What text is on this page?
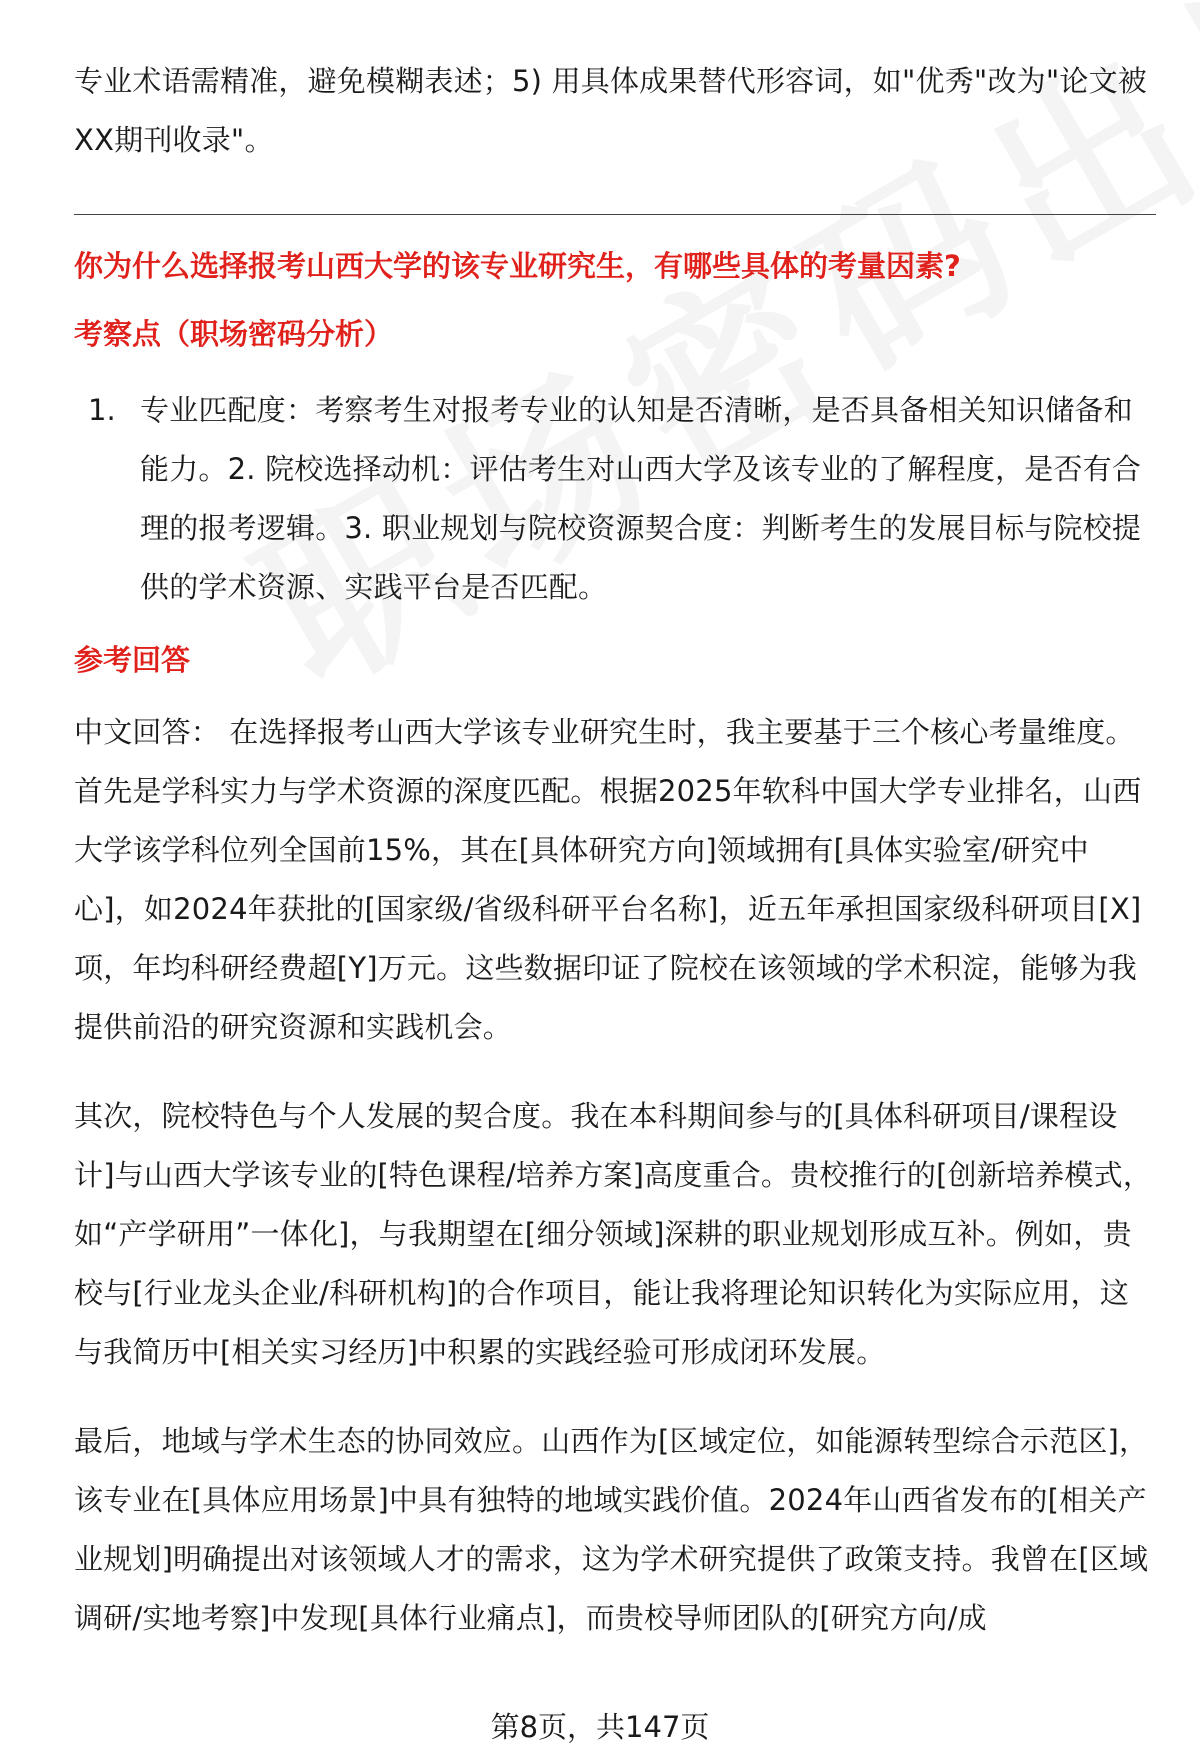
专业术语需精准，避免模糊表述；5) 用具体成果替代形容词，如"优秀"改为"论文被XX期刊收录"。

你为什么选择报考山西大学的该专业研究生，有哪些具体的考量因素?

考察点（职场密码分析）

1. 专业匹配度：考察考生对报考专业的认知是否清晰，是否具备相关知识储备和能力。2. 院校选择动机：评估考生对山西大学及该专业的了解程度，是否有合理的报考逻辑。3. 职业规划与院校资源契合度：判断考生的发展目标与院校提供的学术资源、实践平台是否匹配。

参考回答

中文回答： 在选择报考山西大学该专业研究生时，我主要基于三个核心考量维度。首先是学科实力与学术资源的深度匹配。根据2025年软科中国大学专业排名，山西大学该学科位列全国前15%，其在[具体研究方向]领域拥有[具体实验室/研究中心]，如2024年获批的[国家级/省级科研平台名称]，近五年承担国家级科研项目[X]项，年均科研经费超[Y]万元。这些数据印证了院校在该领域的学术积淀，能够为我提供前沿的研究资源和实践机会。

其次，院校特色与个人发展的契合度。我在本科期间参与的[具体科研项目/课程设计]与山西大学该专业的[特色课程/培养方案]高度重合。贵校推行的[创新培养模式，如“产学研用”一体化]，与我期望在[细分领域]深耕的职业规划形成互补。例如，贵校与[行业龙头企业/科研机构]的合作项目，能让我将理论知识转化为实际应用，这与我简历中[相关实习经历]中积累的实践经验可形成闭环发展。

最后，地域与学术生态的协同效应。山西作为[区域定位，如能源转型综合示范区]，该专业在[具体应用场景]中具有独特的地域实践价值。2024年山西省发布的[相关产业规划]明确提出对该领域人才的需求，这为学术研究提供了政策支持。我曾在[区域调研/实地考察]中发现[具体行业痛点]，而贵校导师团队的[研究方向/成

第8页，共147页
